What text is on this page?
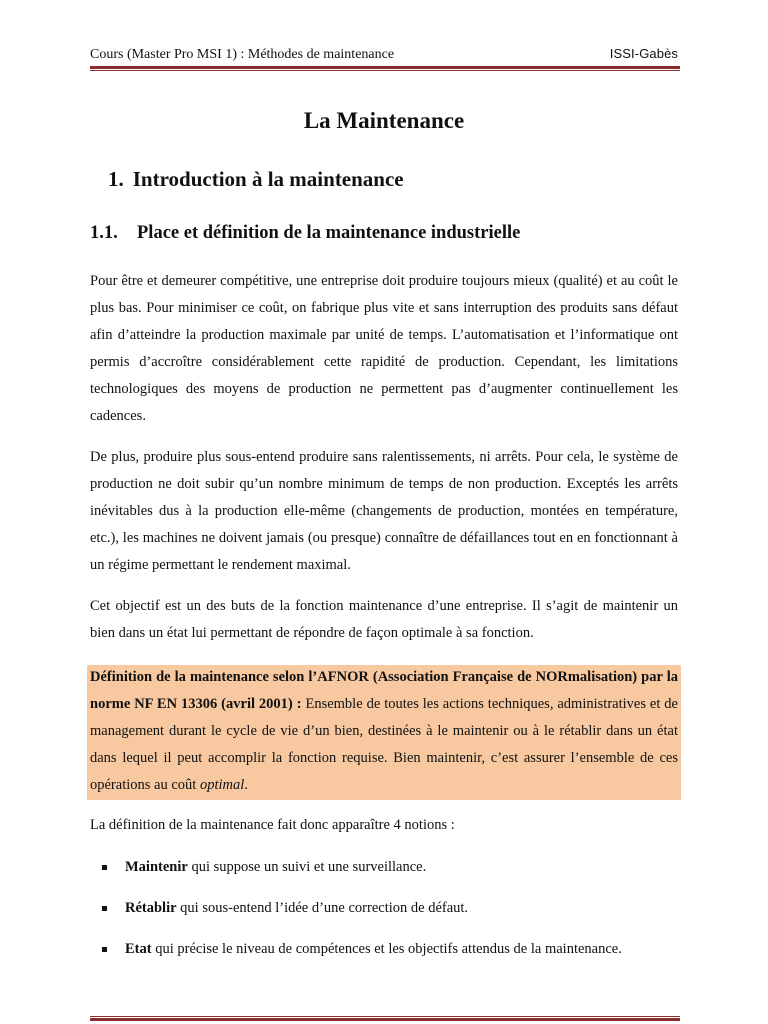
Cours (Master Pro MSI 1) : Méthodes de maintenance	ISSI-Gabès
La Maintenance
1. Introduction à la maintenance
1.1. Place et définition de la maintenance industrielle

Pour être et demeurer compétitive, une entreprise doit produire toujours mieux (qualité) et au coût le plus bas. Pour minimiser ce coût, on fabrique plus vite et sans interruption des produits sans défaut afin d’atteindre la production maximale par unité de temps. L’automatisation et l’informatique ont permis d’accroître considérablement cette rapidité de production. Cependant, les limitations technologiques des moyens de production ne permettent pas d’augmenter continuellement les cadences.

De plus, produire plus sous-entend produire sans ralentissements, ni arrêts. Pour cela, le système de production ne doit subir qu’un nombre minimum de temps de non production. Exceptés les arrêts inévitables dus à la production elle-même (changements de production, montées en température, etc.), les machines ne doivent jamais (ou presque) connaître de défaillances tout en en fonctionnant à un régime permettant le rendement maximal.

Cet objectif est un des buts de la fonction maintenance d’une entreprise. Il s’agit de maintenir un bien dans un état lui permettant de répondre de façon optimale à sa fonction.

Définition de la maintenance selon l’AFNOR (Association Française de NORmalisation) par la norme NF EN 13306 (avril 2001) : Ensemble de toutes les actions techniques, administratives et de management durant le cycle de vie d’un bien, destinées à le maintenir ou à le rétablir dans un état dans lequel il peut accomplir la fonction requise. Bien maintenir, c’est assurer l’ensemble de ces opérations au coût optimal.

La définition de la maintenance fait donc apparaître 4 notions :

Maintenir qui suppose un suivi et une surveillance.
Rétablir qui sous-entend l’idée d’une correction de défaut.
Etat qui précise le niveau de compétences et les objectifs attendus de la maintenance.
